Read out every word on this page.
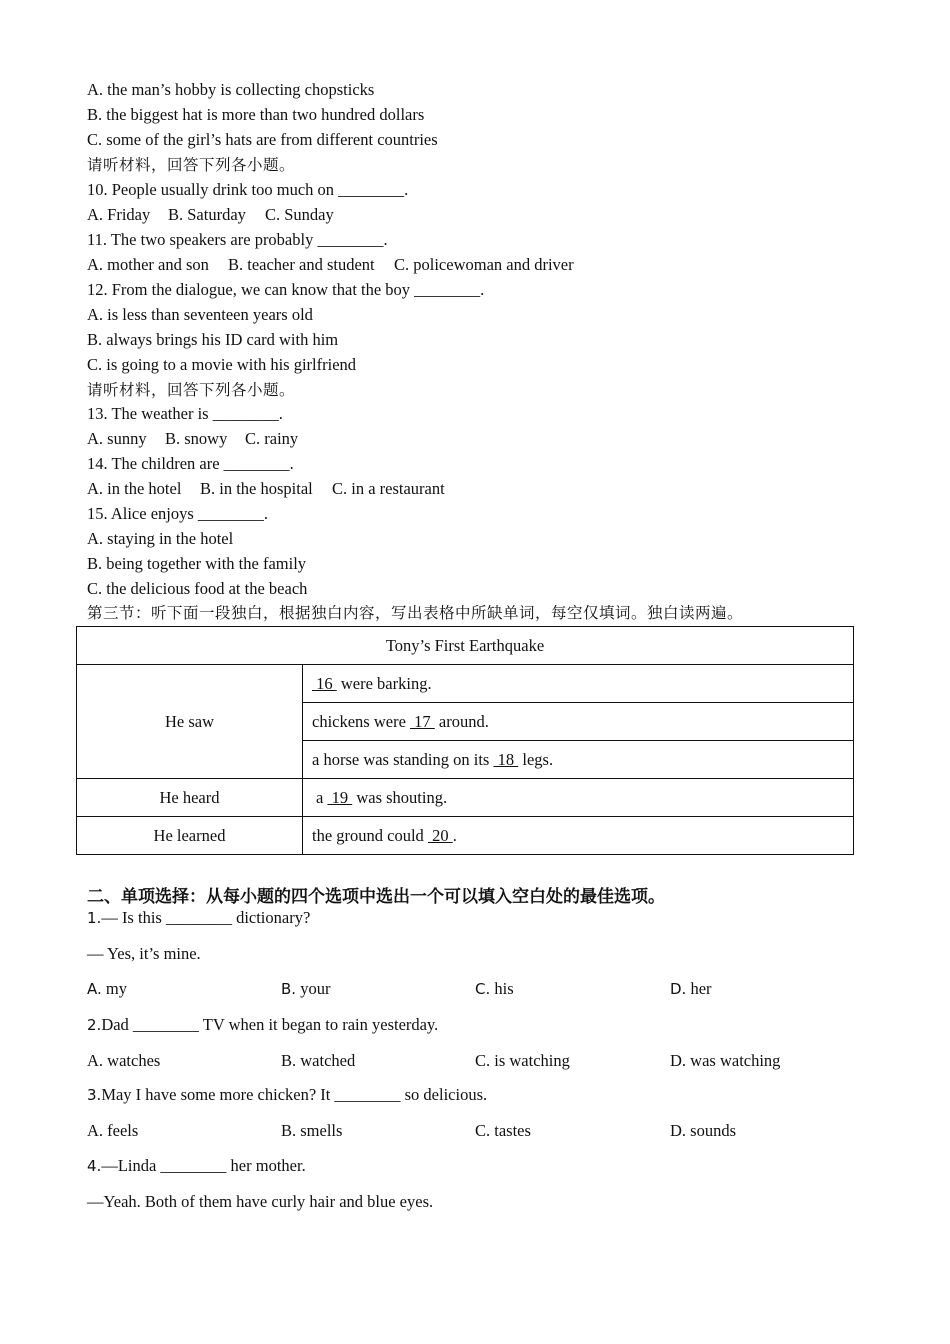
A. the man’s hobby is collecting chopsticks
B. the biggest hat is more than two hundred dollars
C. some of the girl’s hats are from different countries
请听材料，回答下列各小题。
10. People usually drink too much on ________.
A. Friday B. Saturday C. Sunday
11. The two speakers are probably ________.
A. mother and son B. teacher and student C. policewoman and driver
12. From the dialogue, we can know that the boy ________.
A. is less than seventeen years old
B. always brings his ID card with him
C. is going to a movie with his girlfriend
请听材料，回答下列各小题。
13. The weather is ________.
A. sunny B. snowy C. rainy
14. The children are ________.
A. in the hotel B. in the hospital C. in a restaurant
15. Alice enjoys ________.
A. staying in the hotel
B. being together with the family
C. the delicious food at the beach
第三节：听下面一段独白，根据独白内容，写出表格中所缺单词，每空仅填词。独白读两遍。
Tony’s First Earthquake	
He saw	16  were barking.
	chickens were  17  around.
	a horse was standing on its  18  legs.
He heard	a  19  was shouting.
He learned	the ground could  20 .
二、单项选择：从每小题的四个选项中选出一个可以填入空白处的最佳选项。
1.— Is this ________ dictionary?
— Yes, it’s mine.
A. my	B. your	C. his	D. her
2.Dad ________ TV when it began to rain yesterday.
A. watches	B. watched	C. is watching	D. was watching
3.May I have some more chicken? It ________ so delicious.
A. feels	B. smells	C. tastes	D. sounds
4.—Linda ________ her mother.
—Yeah. Both of them have curly hair and blue eyes.
